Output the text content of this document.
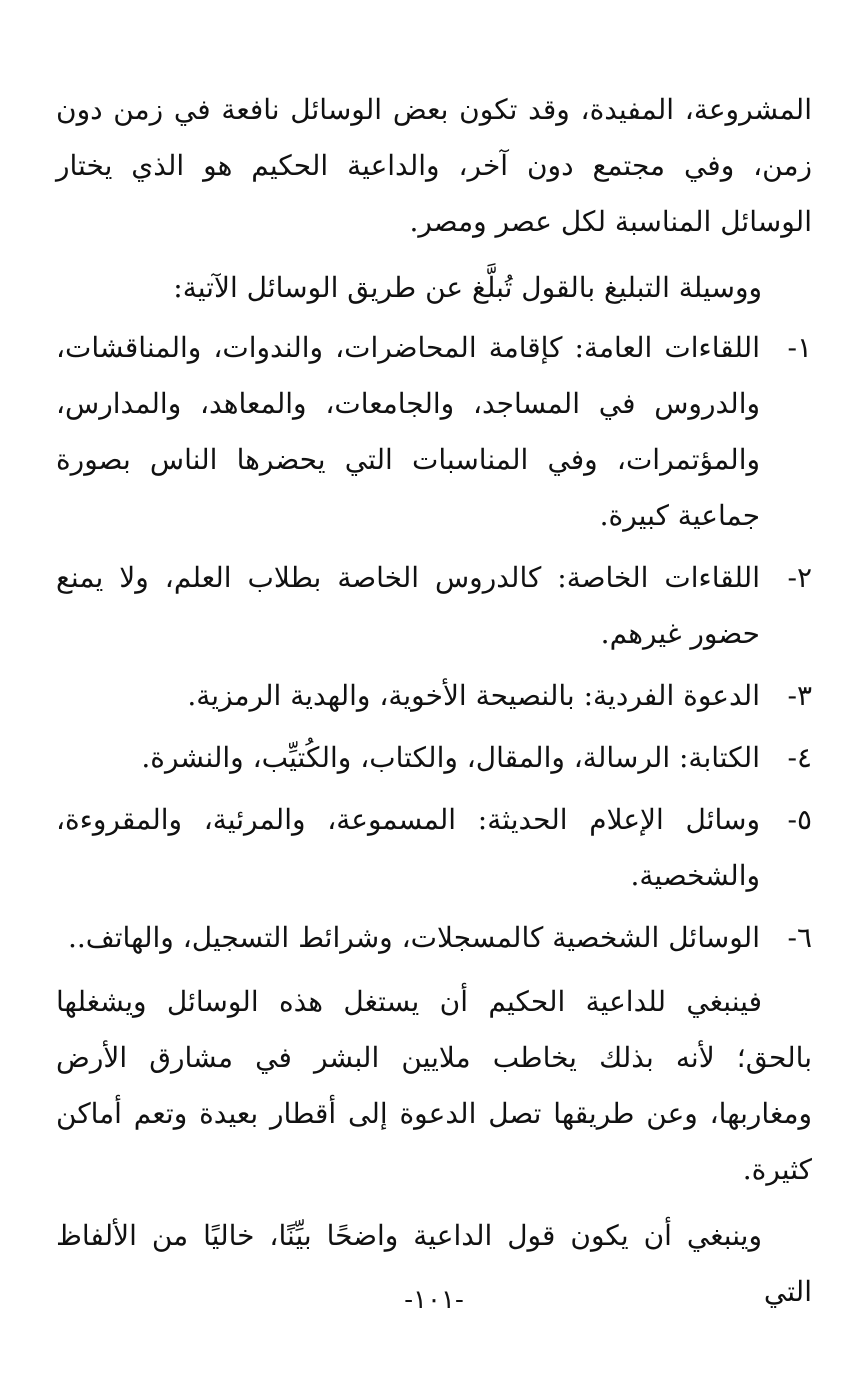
المشروعة، المفيدة، وقد تكون بعض الوسائل نافعة في زمن دون زمن، وفي مجتمع دون آخر، والداعية الحكيم هو الذي يختار الوسائل المناسبة لكل عصر ومصر.

ووسيلة التبليغ بالقول تُبلَّغ عن طريق الوسائل الآتية:

١-
اللقاءات العامة: كإقامة المحاضرات، والندوات، والمناقشات، والدروس في المساجد، والجامعات، والمعاهد، والمدارس، والمؤتمرات، وفي المناسبات التي يحضرها الناس بصورة جماعية كبيرة.
٢-
اللقاءات الخاصة: كالدروس الخاصة بطلاب العلم، ولا يمنع حضور غيرهم.
٣-
الدعوة الفردية: بالنصيحة الأخوية، والهدية الرمزية.
٤-
الكتابة: الرسالة، والمقال، والكتاب، والكُتيِّب، والنشرة.
٥-
وسائل الإعلام الحديثة: المسموعة، والمرئية، والمقروءة، والشخصية.
٦-
الوسائل الشخصية كالمسجلات، وشرائط التسجيل، والهاتف..

فينبغي للداعية الحكيم أن يستغل هذه الوسائل ويشغلها بالحق؛ لأنه بذلك يخاطب ملايين البشر في مشارق الأرض ومغاربها، وعن طريقها تصل الدعوة إلى أقطار بعيدة وتعم أماكن كثيرة.

وينبغي أن يكون قول الداعية واضحًا بيِّنًا، خاليًا من الألفاظ التي

-١٠١-
